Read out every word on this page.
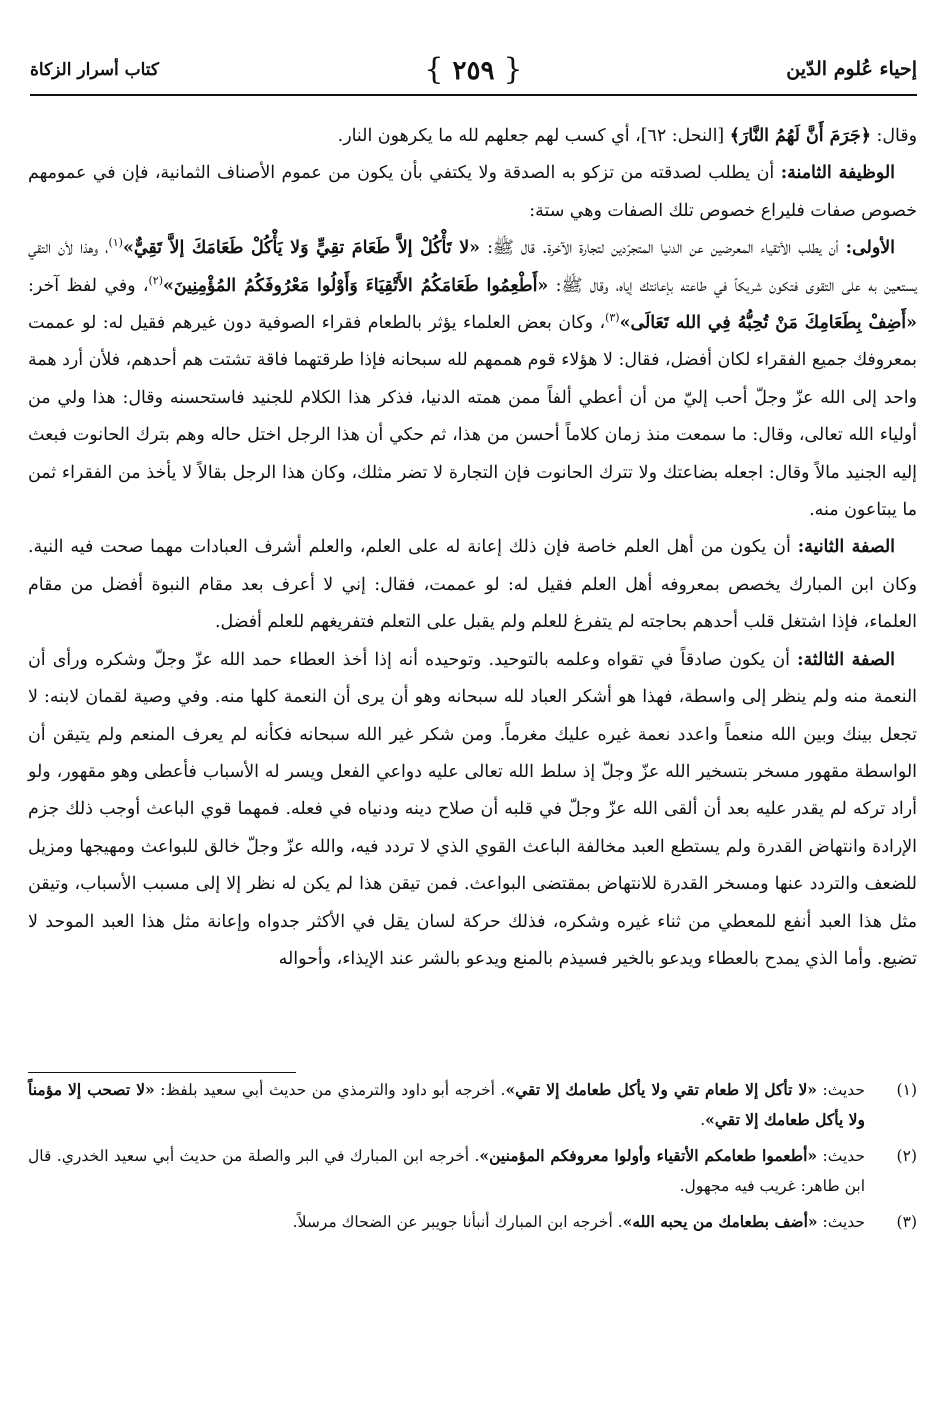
إحياء عُلوم الدّين
{ ٢٥٩ }
كتاب أسرار الزكاة

وقال: ﴿جَرَمَ أَنَّ لَهُمُ النَّارَ﴾ [النحل: ٦٢]، أي كسب لهم جعلهم لله ما يكرهون النار.

الوظيفة الثامنة: أن يطلب لصدقته من تزكو به الصدقة ولا يكتفي بأن يكون من عموم الأصناف الثمانية، فإن في عمومهم خصوص صفات فليراع خصوص تلك الصفات وهي ستة:

الأولى: أن يطلب الأتقياء المعرضين عن الدنيا المتجرّدين لتجارة الآخرة. قال ﷺ: «لا تَأْكُلْ إلاَّ طَعَامَ تقِيٍّ وَلا يَأْكُلْ طَعَامَكَ إلاَّ تَقِيٌّ»$^{(١)}$، وهذا لأن التقي يستعين به على التقوى فتكون شريكاً في طاعته بإعانتك إياه، وقال ﷺ: «أَطْعِمُوا طَعَامَكُمُ الأَتْقِيَاءَ وَأَوْلُوا مَعْرُوفَكُمُ المُؤْمِنِينَ»$^{(٢)}$، وفي لفظ آخر: «أَضِفْ بِطَعَامِكَ مَنْ تُحِبُّهُ فِي الله تَعَالَى»$^{(٣)}$، وكان بعض العلماء يؤثر بالطعام فقراء الصوفية دون غيرهم فقيل له: لو عممت بمعروفك جميع الفقراء لكان أفضل، فقال: لا هؤلاء قوم هممهم لله سبحانه فإذا طرقتهما فاقة تشتت هم أحدهم، فلأن أرد همة واحد إلى الله عزّ وجلّ أحب إليّ من أن أعطي ألفاً ممن همته الدنيا، فذكر هذا الكلام للجنيد فاستحسنه وقال: هذا ولي من أولياء الله تعالى، وقال: ما سمعت منذ زمان كلاماً أحسن من هذا، ثم حكي أن هذا الرجل اختل حاله وهم بترك الحانوت فبعث إليه الجنيد مالاً وقال: اجعله بضاعتك ولا تترك الحانوت فإن التجارة لا تضر مثلك، وكان هذا الرجل بقالاً لا يأخذ من الفقراء ثمن ما يبتاعون منه.

الصفة الثانية: أن يكون من أهل العلم خاصة فإن ذلك إعانة له على العلم، والعلم أشرف العبادات مهما صحت فيه النية. وكان ابن المبارك يخصص بمعروفه أهل العلم فقيل له: لو عممت، فقال: إني لا أعرف بعد مقام النبوة أفضل من مقام العلماء، فإذا اشتغل قلب أحدهم بحاجته لم يتفرغ للعلم ولم يقبل على التعلم فتفريغهم للعلم أفضل.

الصفة الثالثة: أن يكون صادقاً في تقواه وعلمه بالتوحيد. وتوحيده أنه إذا أخذ العطاء حمد الله عزّ وجلّ وشكره ورأى أن النعمة منه ولم ينظر إلى واسطة، فهذا هو أشكر العباد لله سبحانه وهو أن يرى أن النعمة كلها منه. وفي وصية لقمان لابنه: لا تجعل بينك وبين الله منعماً واعدد نعمة غيره عليك مغرماً. ومن شكر غير الله سبحانه فكأنه لم يعرف المنعم ولم يتيقن أن الواسطة مقهور مسخر بتسخير الله عزّ وجلّ إذ سلط الله تعالى عليه دواعي الفعل ويسر له الأسباب فأعطى وهو مقهور، ولو أراد تركه لم يقدر عليه بعد أن ألقى الله عزّ وجلّ في قلبه أن صلاح دينه ودنياه في فعله. فمهما قوي الباعث أوجب ذلك جزم الإرادة وانتهاض القدرة ولم يستطع العبد مخالفة الباعث القوي الذي لا تردد فيه، والله عزّ وجلّ خالق للبواعث ومهيجها ومزيل للضعف والتردد عنها ومسخر القدرة للانتهاض بمقتضى البواعث. فمن تيقن هذا لم يكن له نظر إلا إلى مسبب الأسباب، وتيقن مثل هذا العبد أنفع للمعطي من ثناء غيره وشكره، فذلك حركة لسان يقل في الأكثر جدواه وإعانة مثل هذا العبد الموحد لا تضيع. وأما الذي يمدح بالعطاء ويدعو بالخير فسيذم بالمنع ويدعو بالشر عند الإيذاء، وأحواله

(١)
حديث: «لا تأكل إلا طعام تقي ولا يأكل طعامك إلا تقي». أخرجه أبو داود والترمذي من حديث أبي سعيد بلفظ: «لا تصحب إلا مؤمناً ولا يأكل طعامك إلا تقي».
(٢)
حديث: «أطعموا طعامكم الأتقياء وأولوا معروفكم المؤمنين». أخرجه ابن المبارك في البر والصلة من حديث أبي سعيد الخدري. قال ابن طاهر: غريب فيه مجهول.
(٣)
حديث: «أضف بطعامك من يحبه الله». أخرجه ابن المبارك أنبأنا جويبر عن الضحاك مرسلاً.
